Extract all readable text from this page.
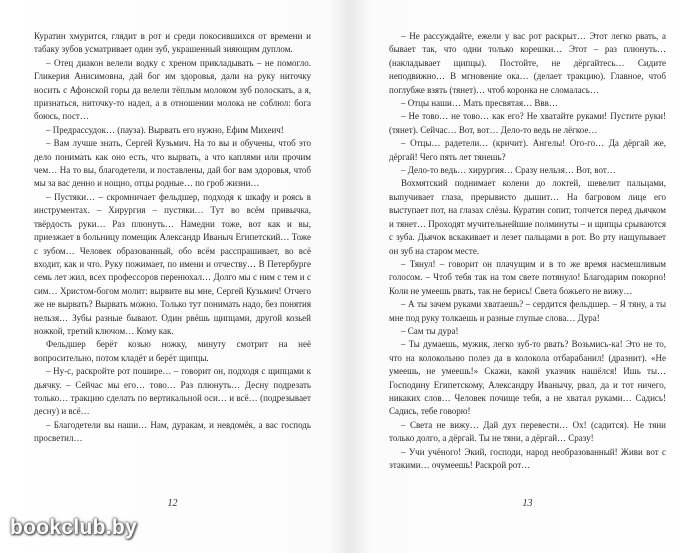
Куратин хмурится, глядит в рот и среди покосившихся от времени и табаку зубов усматривает один зуб, украшенный зияющим дуплом.

– Отец диакон велели водку с хреном прикладывать – не помогло. Гликерия Анисимовна, дай бог им здоровья, дали на руку ниточку носить с Афонской горы да велели тёплым молоком зуб полоскать, а я, признаться, ниточку-то надел, а в отношении молока не соблюл: бога боюсь, пост…

– Предрассудок… (пауза). Вырвать его нужно, Ефим Михеич!

– Вам лучше знать, Сергей Кузьмич. На то вы и обучены, чтоб это дело понимать как оно есть, что вырвать, а что каплями или прочим чем… На то вы, благодетели, и поставлены, дай бог вам здоровья, чтоб мы за вас денно и нощно, отцы родные… по гроб жизни…

– Пустяки… – скромничает фельдшер, подходя к шкафу и роясь в инструментах. – Хирургия – пустяки… Тут во всём привычка, твёрдость руки… Раз плюнуть… Намедни тоже, вот как и вы, приезжает в больницу помещик Александр Иваныч Египетский… Тоже с зубом… Человек образованный, обо всём расспрашивает, во всё входит, как и что. Руку пожимает, по имени и отчеству… В Петербурге семь лет жил, всех профессоров перенюхал… Долго мы с ним с тем и с сим… Христом-богом молит: вырвите вы мне, Сергей Кузьмич! Отчего же не вырвать? Вырвать можно. Только тут понимать надо, без понятия нельзя… Зубы разные бывают. Один рвёшь щипцами, другой козьей ножкой, третий ключом… Кому как.

Фельдшер берёт козью ножку, минуту смотрит на неё вопросительно, потом кладёт и берёт щипцы.

– Ну-с, раскройте рот пошире… – говорит он, подходя с щипцами к дьячку. – Сейчас мы его… тово… Раз плюнуть… Десну подрезать только… тракцию сделать по вертикальной оси… и всё… (подрезывает десну) и всё…

– Благодетели вы наши… Нам, дуракам, и невдомёк, а вас господь просветил…

12

– Не рассуждайте, ежели у вас рот раскрыт… Этот легко рвать, а бывает так, что одни только корешки… Этот – раз плюнуть… (накладывает щипцы). Постойте, не дёргайтесь… Сидите неподвижно… В мгновение ока… (делает тракцию). Главное, чтоб поглубже взять (тянет)… чтоб коронка не сломалась…

– Отцы наши… Мать пресвятая… Ввв…

– Не тово… не тово… как его? Не хватайте руками! Пустите руки! (тянет). Сейчас… Вот, вот… Дело-то ведь не лёгкое…

– Отцы… радетели… (кричит). Ангелы! Ого-го… Да дёргай же, дёргай! Чего пять лет тянешь?

– Дело-то ведь… хирургия… Сразу нельзя… Вот, вот…

Вохмятский поднимает колени до локтей, шевелит пальцами, выпучивает глаза, прерывисто дышит… На багровом лице его выступает пот, на глазах слёзы. Куратин сопит, топчется перед дьячком и тянет… Проходят мучительнейшие полминуты – и щипцы срываются с зуба. Дьячок вскакивает и лезет пальцами в рот. Во рту нащупывает он зуб на старом месте.

– Тянул! – говорит он плачущим и в то же время насмешливым голосом. – Чтоб тебя так на том свете потянуло! Благодарим покорно! Коли не умеешь рвать, так не берись! Света божьего не вижу…

– А ты зачем руками хватаешь? – сердится фельдшер. – Я тяну, а ты мне под руку толкаешь и разные глупые слова… Дура!

– Сам ты дура!

– Ты думаешь, мужик, легко зуб-то рвать? Возьмись-ка! Это не то, что на колокольню полез да в колокола отбарабанил! (дразнит). «Не умеешь, не умеешь!» Скажи, какой указчик нашёлся! Ишь ты… Господину Египетскому, Александру Иванычу, рвал, да и тот ничего, никаких слов… Человек почище тебя, а не хватал руками… Садись! Садись, тебе говорю!

– Света не вижу… Дай дух перевести… Ох! (садится). Не тяни только долго, а дёргай. Ты не тяни, а дёргай… Сразу!

– Учи учёного! Экий, господи, народ необразованный! Живи вот с этакими… очумеешь! Раскрой рот…

13
bookclub.by
